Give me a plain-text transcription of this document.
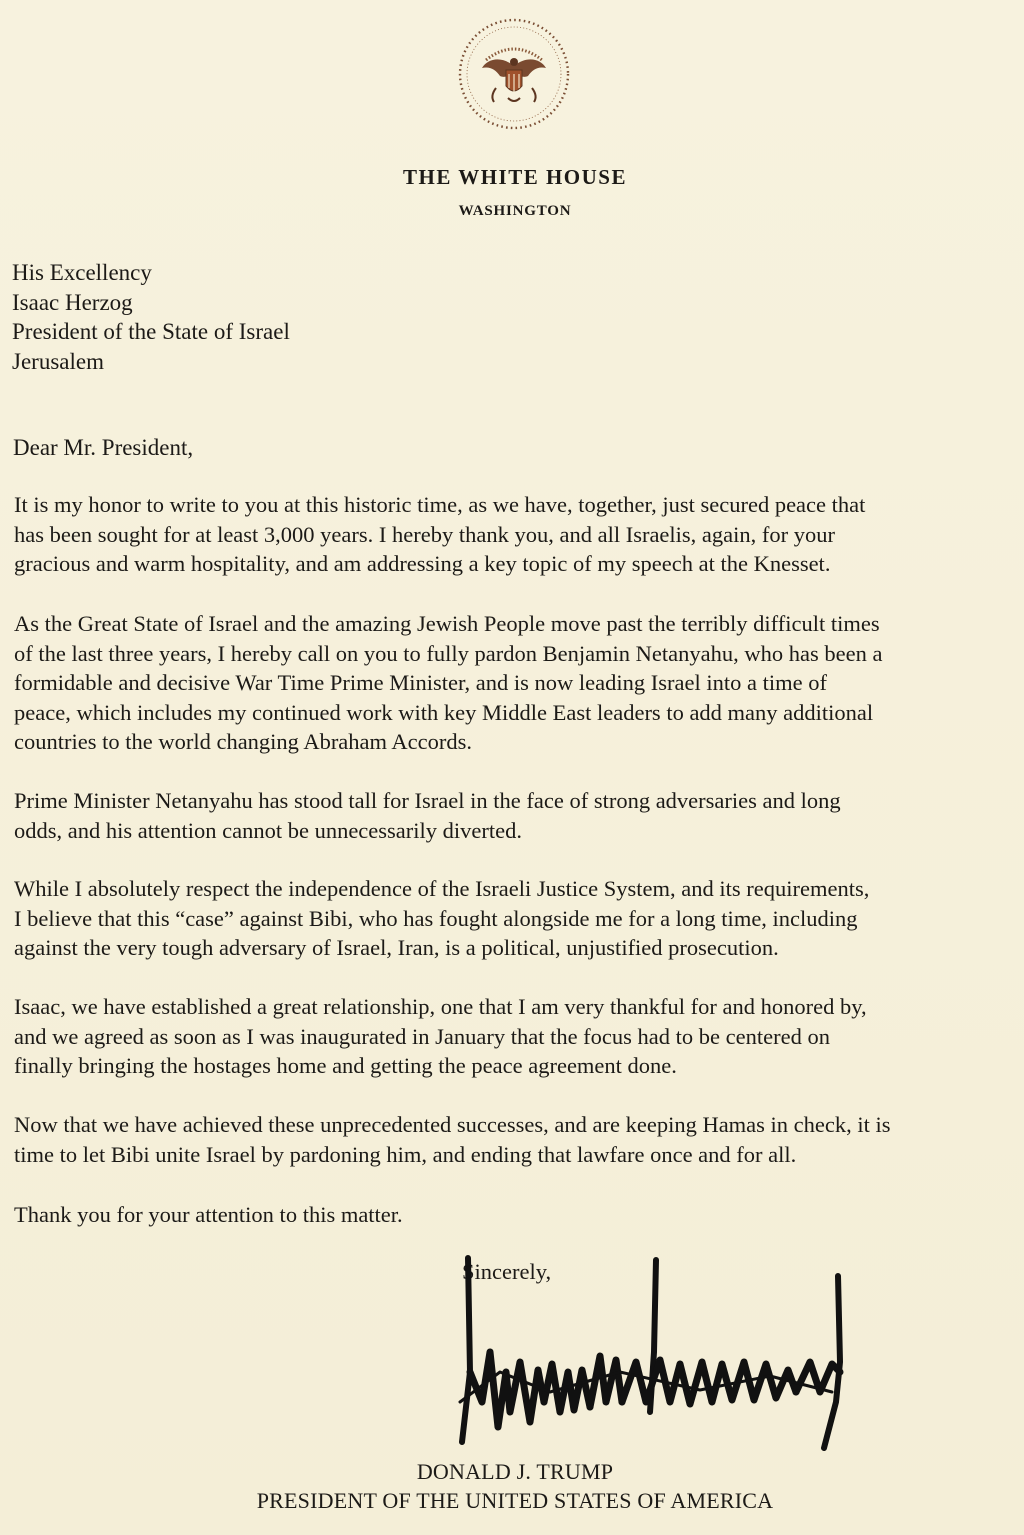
THE WHITE HOUSE
WASHINGTON
His Excellency
Isaac Herzog
President of the State of Israel
Jerusalem
Dear Mr. President,
It is my honor to write to you at this historic time, as we have, together, just secured peace that
has been sought for at least 3,000 years. I hereby thank you, and all Israelis, again, for your
gracious and warm hospitality, and am addressing a key topic of my speech at the Knesset.
As the Great State of Israel and the amazing Jewish People move past the terribly difficult times
of the last three years, I hereby call on you to fully pardon Benjamin Netanyahu, who has been a
formidable and decisive War Time Prime Minister, and is now leading Israel into a time of
peace, which includes my continued work with key Middle East leaders to add many additional
countries to the world changing Abraham Accords.
Prime Minister Netanyahu has stood tall for Israel in the face of strong adversaries and long
odds, and his attention cannot be unnecessarily diverted.
While I absolutely respect the independence of the Israeli Justice System, and its requirements,
I believe that this “case” against Bibi, who has fought alongside me for a long time, including
against the very tough adversary of Israel, Iran, is a political, unjustified prosecution.
Isaac, we have established a great relationship, one that I am very thankful for and honored by,
and we agreed as soon as I was inaugurated in January that the focus had to be centered on
finally bringing the hostages home and getting the peace agreement done.
Now that we have achieved these unprecedented successes, and are keeping Hamas in check, it is
time to let Bibi unite Israel by pardoning him, and ending that lawfare once and for all.
Thank you for your attention to this matter.
Sincerely,
DONALD J. TRUMP
PRESIDENT OF THE UNITED STATES OF AMERICA
